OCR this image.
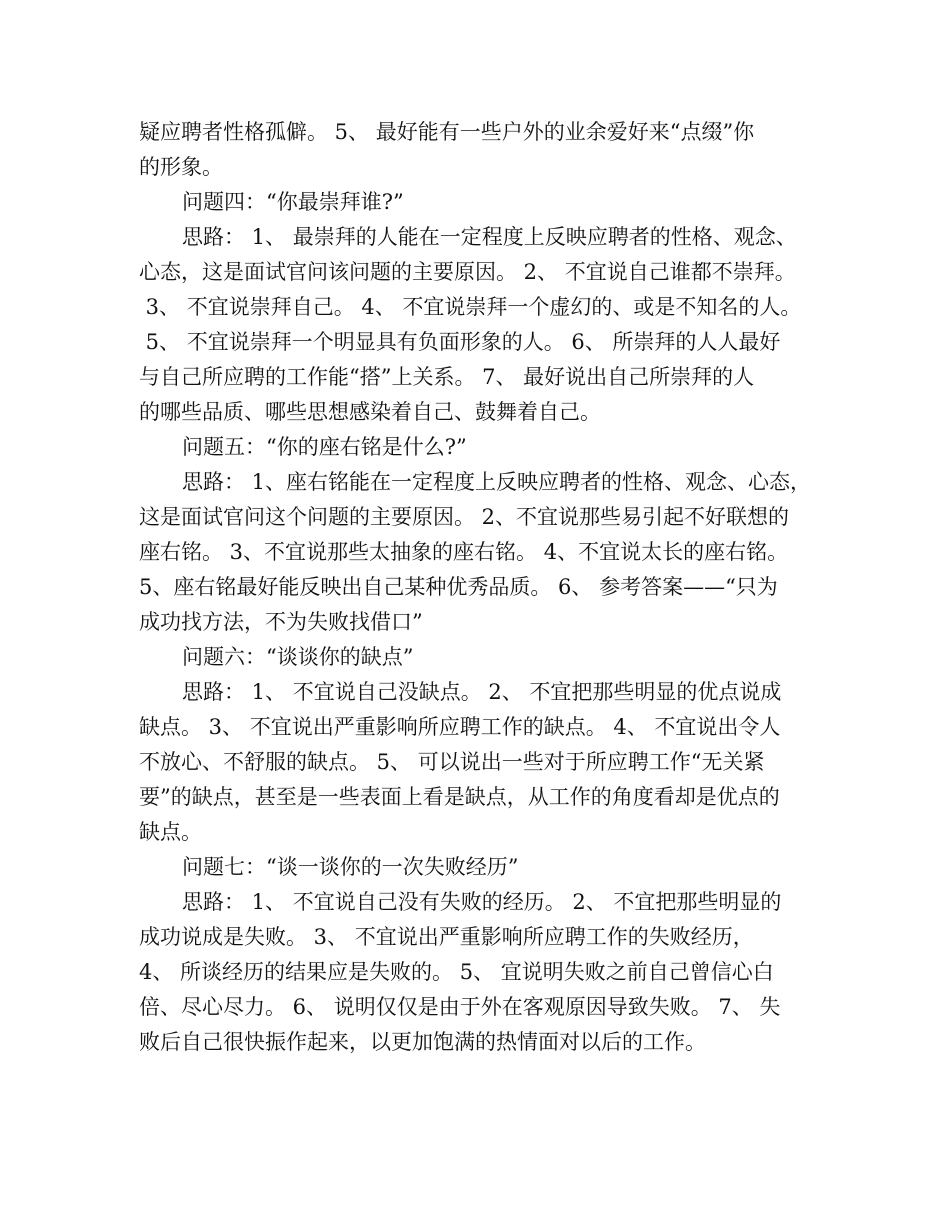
疑应聘者性格孤僻。 5、 最好能有一些户外的业余爱好来“点缀”你
的形象。
问题四：“你最崇拜谁?”
思路： 1、 最崇拜的人能在一定程度上反映应聘者的性格、观念、
心态，这是面试官问该问题的主要原因。 2、 不宜说自己谁都不崇拜。
3、 不宜说崇拜自己。 4、 不宜说崇拜一个虚幻的、或是不知名的人。
5、 不宜说崇拜一个明显具有负面形象的人。 6、 所崇拜的人人最好
与自己所应聘的工作能“搭”上关系。 7、 最好说出自己所崇拜的人
的哪些品质、哪些思想感染着自己、鼓舞着自己。
问题五：“你的座右铭是什么?”
思路： 1、座右铭能在一定程度上反映应聘者的性格、观念、心态，
这是面试官问这个问题的主要原因。 2、不宜说那些易引起不好联想的
座右铭。 3、不宜说那些太抽象的座右铭。 4、不宜说太长的座右铭。
5、座右铭最好能反映出自己某种优秀品质。 6、 参考答案——“只为
成功找方法，不为失败找借口”
问题六：“谈谈你的缺点”
思路： 1、 不宜说自己没缺点。 2、 不宜把那些明显的优点说成
缺点。 3、 不宜说出严重影响所应聘工作的缺点。 4、 不宜说出令人
不放心、不舒服的缺点。 5、 可以说出一些对于所应聘工作“无关紧
要”的缺点，甚至是一些表面上看是缺点，从工作的角度看却是优点的
缺点。
问题七：“谈一谈你的一次失败经历”
思路： 1、 不宜说自己没有失败的经历。 2、 不宜把那些明显的
成功说成是失败。 3、 不宜说出严重影响所应聘工作的失败经历，
4、 所谈经历的结果应是失败的。 5、 宜说明失败之前自己曾信心白
倍、尽心尽力。 6、 说明仅仅是由于外在客观原因导致失败。 7、 失
败后自己很快振作起来，以更加饱满的热情面对以后的工作。
